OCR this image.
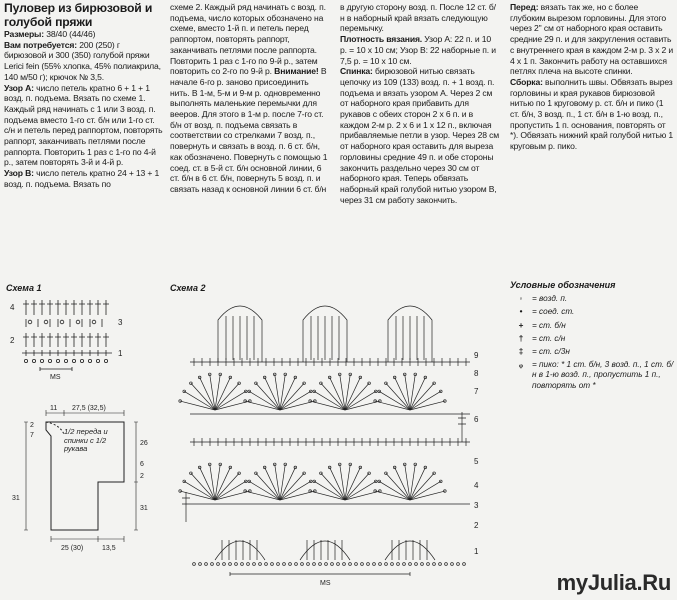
Пуловер из бирюзовой и голубой пряжи

Размеры: 38/40 (44/46)

Вам потребуется: 200 (250) г бирюзовой и 300 (350) голубой пряжи Lerici fein (55% хлопка, 45% полиакрила, 140 м/50 г); крючок № 3,5.

Узор А: число петель кратно 6 + 1 + 1 возд. п. подъема. Вязать по схеме 1. Каждый ряд начинать с 1 или 3 возд. п. подъема вместо 1-го ст. б/н или 1-го ст. с/н и петель перед раппортом, повторять раппорт, заканчивать петлями после раппорта. Повторить 1 раз с 1-го по 4-й р., затем повторять 3-й и 4-й р.

Узор В: число петель кратно 24 + 13 + 1 возд. п. подъема. Вязать по

схеме 2. Каждый ряд начинать с возд. п. подъема, число которых обозначено на схеме, вместо 1-й п. и петель перед раппортом, повторять раппорт, заканчивать петлями после раппорта. Повторить 1 раз с 1-го по 9-й р., затем повторить со 2-го по 9-й р. Внимание! В начале 6-го р. заново присоединить нить. В 1-м, 5-м и 9-м р. одновременно выполнять маленькие перемычки для вееров. Для этого в 1-м р. после 7-го ст. б/н от возд. п. подъема связать в соответствии со стрелками 7 возд. п., повернуть и связать в возд. п. 6 ст. б/н, как обозначено. Повернуть с помощью 1 соед. ст. в 5-й ст. б/н основной линии, 6 ст. б/н в 6 ст. б/н, повернуть 5 возд. п. и связать назад к основной линии 6 ст. б/н

в другую сторону возд. п. После 12 ст. б/н в наборный край вязать следующую перемычку.

Плотность вязания. Узор А: 22 п. и 10 р. = 10 х 10 см; Узор В: 22 наборные п. и 7,5 р. = 10 х 10 см.

Спинка: бирюзовой нитью связать цепочку из 109 (133) возд. п. + 1 возд. п. подъема и вязать узором А. Через 2 см от наборного края прибавить для рукавов с обеих сторон 2 х 6 п. и в каждом 2-м р. 2 х 6 и 1 х 12 п., включая прибавляемые петли в узор. Через 28 см от наборного края оставить для выреза горловины средние 49 п. и обе стороны закончить раздельно через 30 см от наборного края. Теперь обвязать наборный край голубой нитью узором В, через 31 см работу закончить.

Перед: вязать так же, но с более глубоким вырезом горловины. Для этого через 2" см от наборного края оставить средние 29 п. и для закругления оставить с внутреннего края в каждом 2-м р. 3 х 2 и 4 х 1 п. Закончить работу на оставшихся петлях плеча на высоте спинки.

Сборка: выполнить швы. Обвязать вырез горловины и края рукавов бирюзовой нитью по 1 круговому р. ст. б/н и пико (1 ст. б/н, 3 возд. п., 1 ст. б/н в 1-ю возд. п., пропустить 1 п. основания, повторять от *). Обвязать нижний край голубой нитью 1 круговым р. пико.

Схема 1
4
3
2
1
MS
11 27,5 (32,5)
2
7
26
6
2
31
31
25 (30)	13,5
1/2 переда и спинки с 1/2 рукава
Схема 2
9
8
7
6
5
4
3
2
1
MS
Условные обозначения
◦	= возд. п.
•	= соед. ст.
+	= ст. б/н
†	= ст. с/н
‡	= ст. с/3н
ᵩ	= пико: * 1 ст. б/н, 3 возд. п., 1 ст. б/н в 1-ю возд. п., пропустить 1 п., повторять от *
myJulia.Ru
